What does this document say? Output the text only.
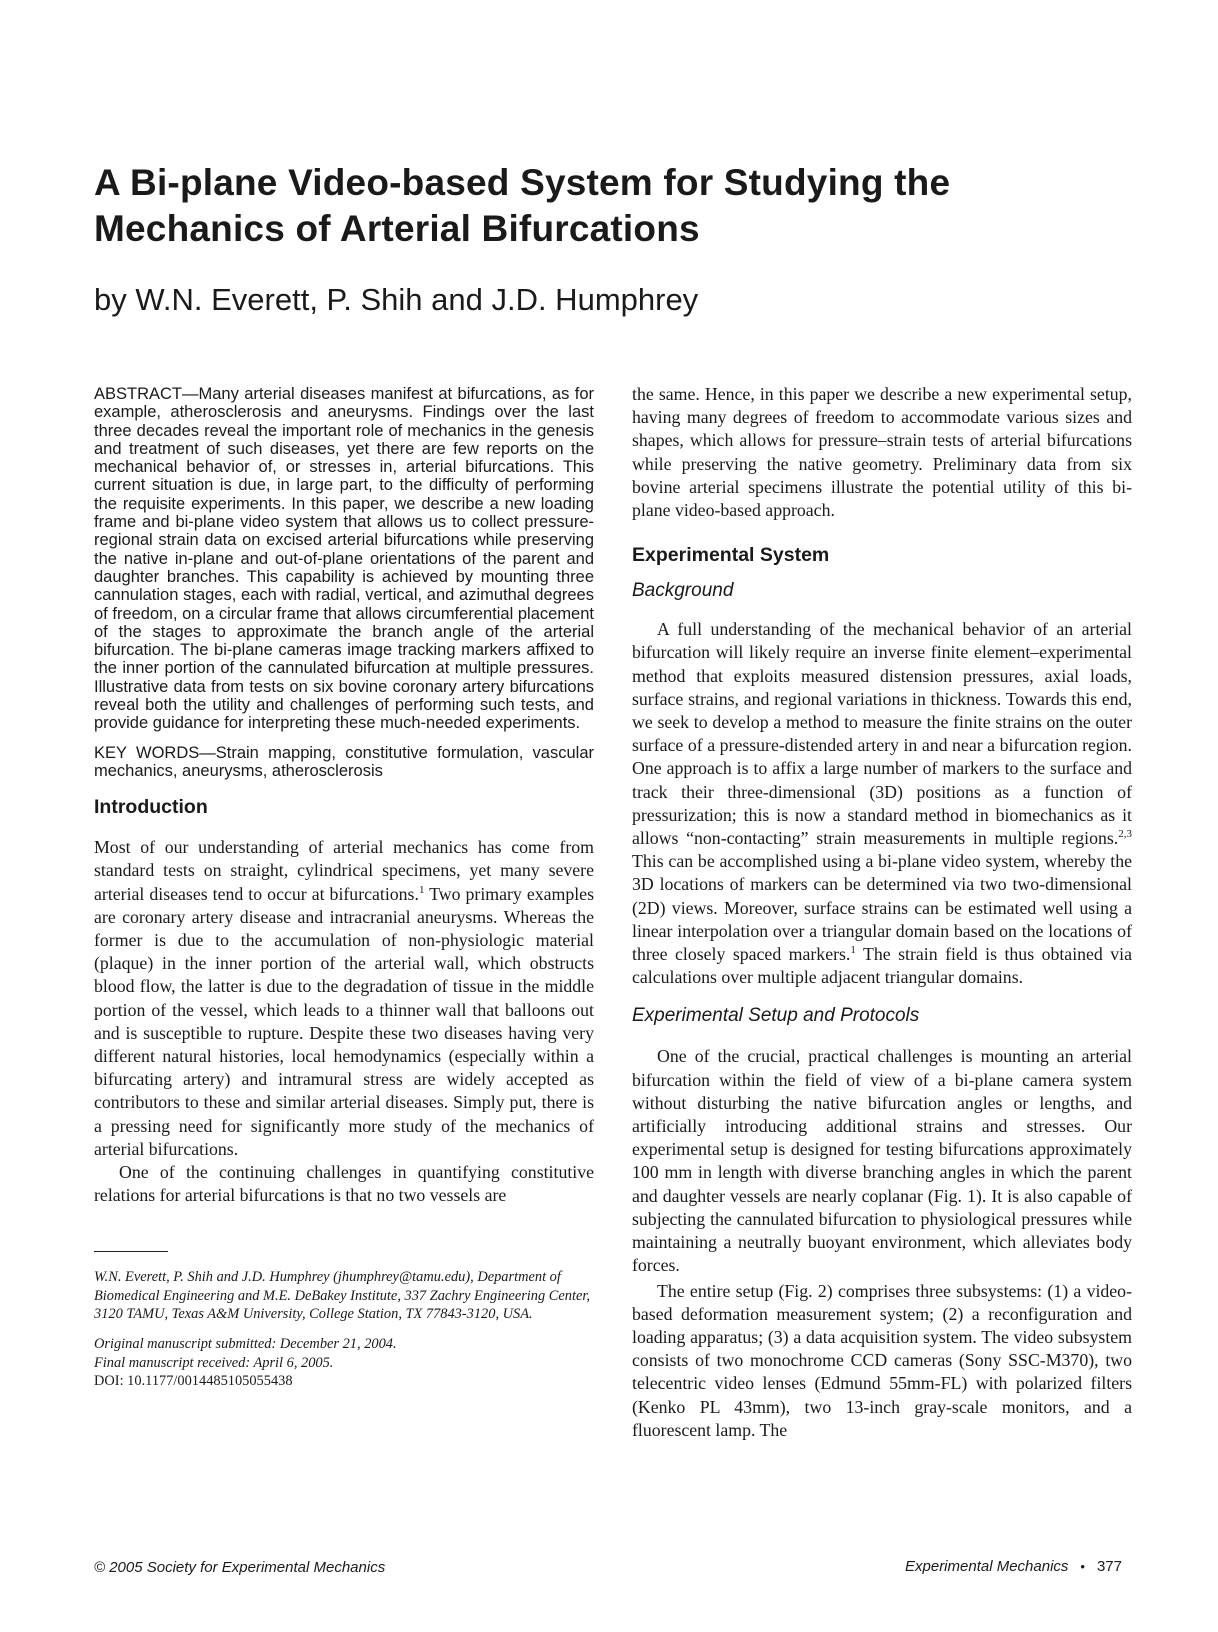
A Bi-plane Video-based System for Studying the
Mechanics of Arterial Bifurcations

by W.N. Everett, P. Shih and J.D. Humphrey

ABSTRACT—Many arterial diseases manifest at bifurcations, as for example, atherosclerosis and aneurysms. Findings over the last three decades reveal the important role of mechanics in the genesis and treatment of such diseases, yet there are few reports on the mechanical behavior of, or stresses in, arterial bifurcations. This current situation is due, in large part, to the difficulty of performing the requisite experiments. In this paper, we describe a new loading frame and bi-plane video system that allows us to collect pressure-regional strain data on excised arterial bifurcations while preserving the native in-plane and out-of-plane orientations of the parent and daughter branches. This capability is achieved by mounting three cannulation stages, each with radial, vertical, and azimuthal degrees of freedom, on a circular frame that allows circumferential placement of the stages to approximate the branch angle of the arterial bifurcation. The bi-plane cameras image tracking markers affixed to the inner portion of the cannulated bifurcation at multiple pressures. Illustrative data from tests on six bovine coronary artery bifurcations reveal both the utility and challenges of performing such tests, and provide guidance for interpreting these much-needed experiments.

KEY WORDS—Strain mapping, constitutive formulation, vascular mechanics, aneurysms, atherosclerosis

Introduction

Most of our understanding of arterial mechanics has come from standard tests on straight, cylindrical specimens, yet many severe arterial diseases tend to occur at bifurcations.$^1$ Two primary examples are coronary artery disease and intracranial aneurysms. Whereas the former is due to the accumulation of non-physiologic material (plaque) in the inner portion of the arterial wall, which obstructs blood flow, the latter is due to the degradation of tissue in the middle portion of the vessel, which leads to a thinner wall that balloons out and is susceptible to rupture. Despite these two diseases having very different natural histories, local hemodynamics (especially within a bifurcating artery) and intramural stress are widely accepted as contributors to these and similar arterial diseases. Simply put, there is a pressing need for significantly more study of the mechanics of arterial bifurcations.

One of the continuing challenges in quantifying constitutive relations for arterial bifurcations is that no two vessels are

W.N. Everett, P. Shih and J.D. Humphrey (jhumphrey@tamu.edu), Department of Biomedical Engineering and M.E. DeBakey Institute, 337 Zachry Engineering Center, 3120 TAMU, Texas A&M University, College Station, TX 77843-3120, USA.

Original manuscript submitted: December 21, 2004.

Final manuscript received: April 6, 2005.

DOI: 10.1177/0014485105055438

the same. Hence, in this paper we describe a new experimental setup, having many degrees of freedom to accommodate various sizes and shapes, which allows for pressure–strain tests of arterial bifurcations while preserving the native geometry. Preliminary data from six bovine arterial specimens illustrate the potential utility of this bi-plane video-based approach.

Experimental System
Background

A full understanding of the mechanical behavior of an arterial bifurcation will likely require an inverse finite element–experimental method that exploits measured distension pressures, axial loads, surface strains, and regional variations in thickness. Towards this end, we seek to develop a method to measure the finite strains on the outer surface of a pressure-distended artery in and near a bifurcation region. One approach is to affix a large number of markers to the surface and track their three-dimensional (3D) positions as a function of pressurization; this is now a standard method in biomechanics as it allows “non-contacting” strain measurements in multiple regions.$^{2,3}$ This can be accomplished using a bi-plane video system, whereby the 3D locations of markers can be determined via two two-dimensional (2D) views. Moreover, surface strains can be estimated well using a linear interpolation over a triangular domain based on the locations of three closely spaced markers.$^1$ The strain field is thus obtained via calculations over multiple adjacent triangular domains.

Experimental Setup and Protocols

One of the crucial, practical challenges is mounting an arterial bifurcation within the field of view of a bi-plane camera system without disturbing the native bifurcation angles or lengths, and artificially introducing additional strains and stresses. Our experimental setup is designed for testing bifurcations approximately 100 mm in length with diverse branching angles in which the parent and daughter vessels are nearly coplanar (Fig. 1). It is also capable of subjecting the cannulated bifurcation to physiological pressures while maintaining a neutrally buoyant environment, which alleviates body forces.

The entire setup (Fig. 2) comprises three subsystems: (1) a video-based deformation measurement system; (2) a reconfiguration and loading apparatus; (3) a data acquisition system. The video subsystem consists of two monochrome CCD cameras (Sony SSC-M370), two telecentric video lenses (Edmund 55mm-FL) with polarized filters (Kenko PL 43mm), two 13-inch gray-scale monitors, and a fluorescent lamp. The

© 2005 Society for Experimental Mechanics	Experimental Mechanics • 377
